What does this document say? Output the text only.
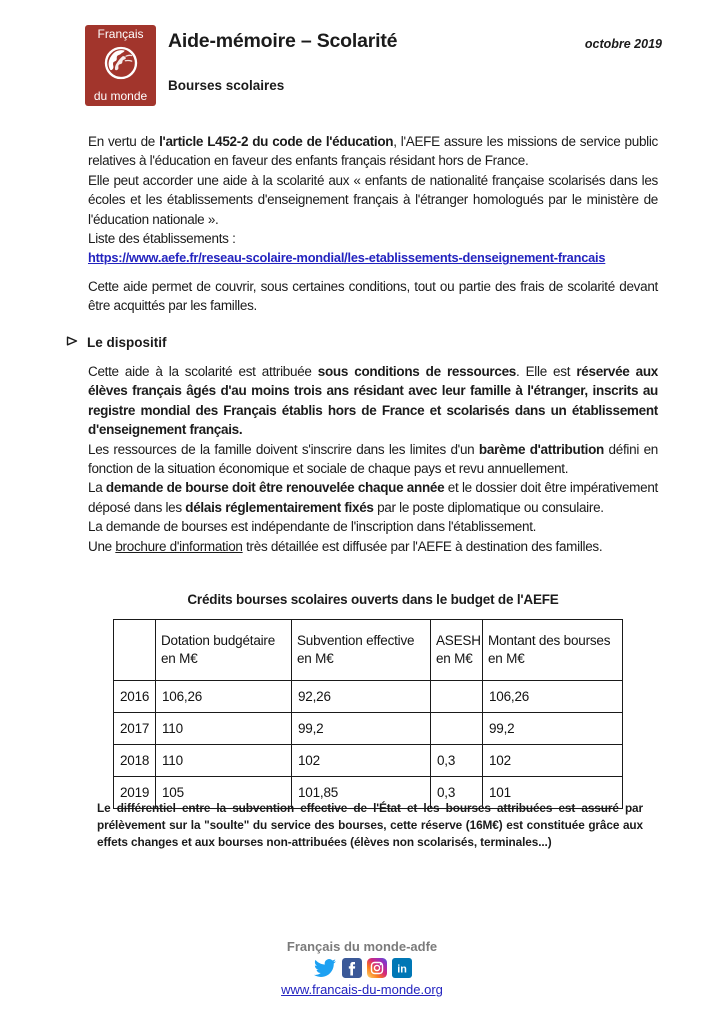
Français
du monde
Aide-mémoire – Scolarité	octobre 2019
Bourses scolaires

En vertu de l'article L452-2 du code de l'éducation, l'AEFE assure les missions de service public relatives à l'éducation en faveur des enfants français résidant hors de France.
Elle peut accorder une aide à la scolarité aux « enfants de nationalité française scolarisés dans les écoles et les établissements d'enseignement français à l'étranger homologués par le ministère de l'éducation nationale ».
Liste des établissements :
https://www.aefe.fr/reseau-scolaire-mondial/les-etablissements-denseignement-francais

Cette aide permet de couvrir, sous certaines conditions, tout ou partie des frais de scolarité devant être acquittés par les familles.

Le dispositif

Cette aide à la scolarité est attribuée sous conditions de ressources. Elle est réservée aux élèves français âgés d'au moins trois ans résidant avec leur famille à l'étranger, inscrits au registre mondial des Français établis hors de France et scolarisés dans un établissement d'enseignement français.
Les ressources de la famille doivent s'inscrire dans les limites d'un barème d'attribution défini en fonction de la situation économique et sociale de chaque pays et revu annuellement.
La demande de bourse doit être renouvelée chaque année et le dossier doit être impérativement déposé dans les délais réglementairement fixés par le poste diplomatique ou consulaire.
La demande de bourses est indépendante de l'inscription dans l'établissement.
Une brochure d'information très détaillée est diffusée par l'AEFE à destination des familles.

Crédits bourses scolaires ouverts dans le budget de l'AEFE
	Dotation budgétaire en M€	Subvention effective en M€	ASESH en M€	Montant des bourses en M€
2016	106,26	92,26		106,26
2017	110	99,2		99,2
2018	110	102	0,3	102
2019	105	101,85	0,3	101

Le différentiel entre la subvention effective de l'État et les bourses attribuées est assuré par prélèvement sur la "soulte" du service des bourses, cette réserve (16M€) est constituée grâce aux effets changes et aux bourses non-attribuées (élèves non scolarisés, terminales...)

Français du monde-adfe
in
www.francais-du-monde.org
